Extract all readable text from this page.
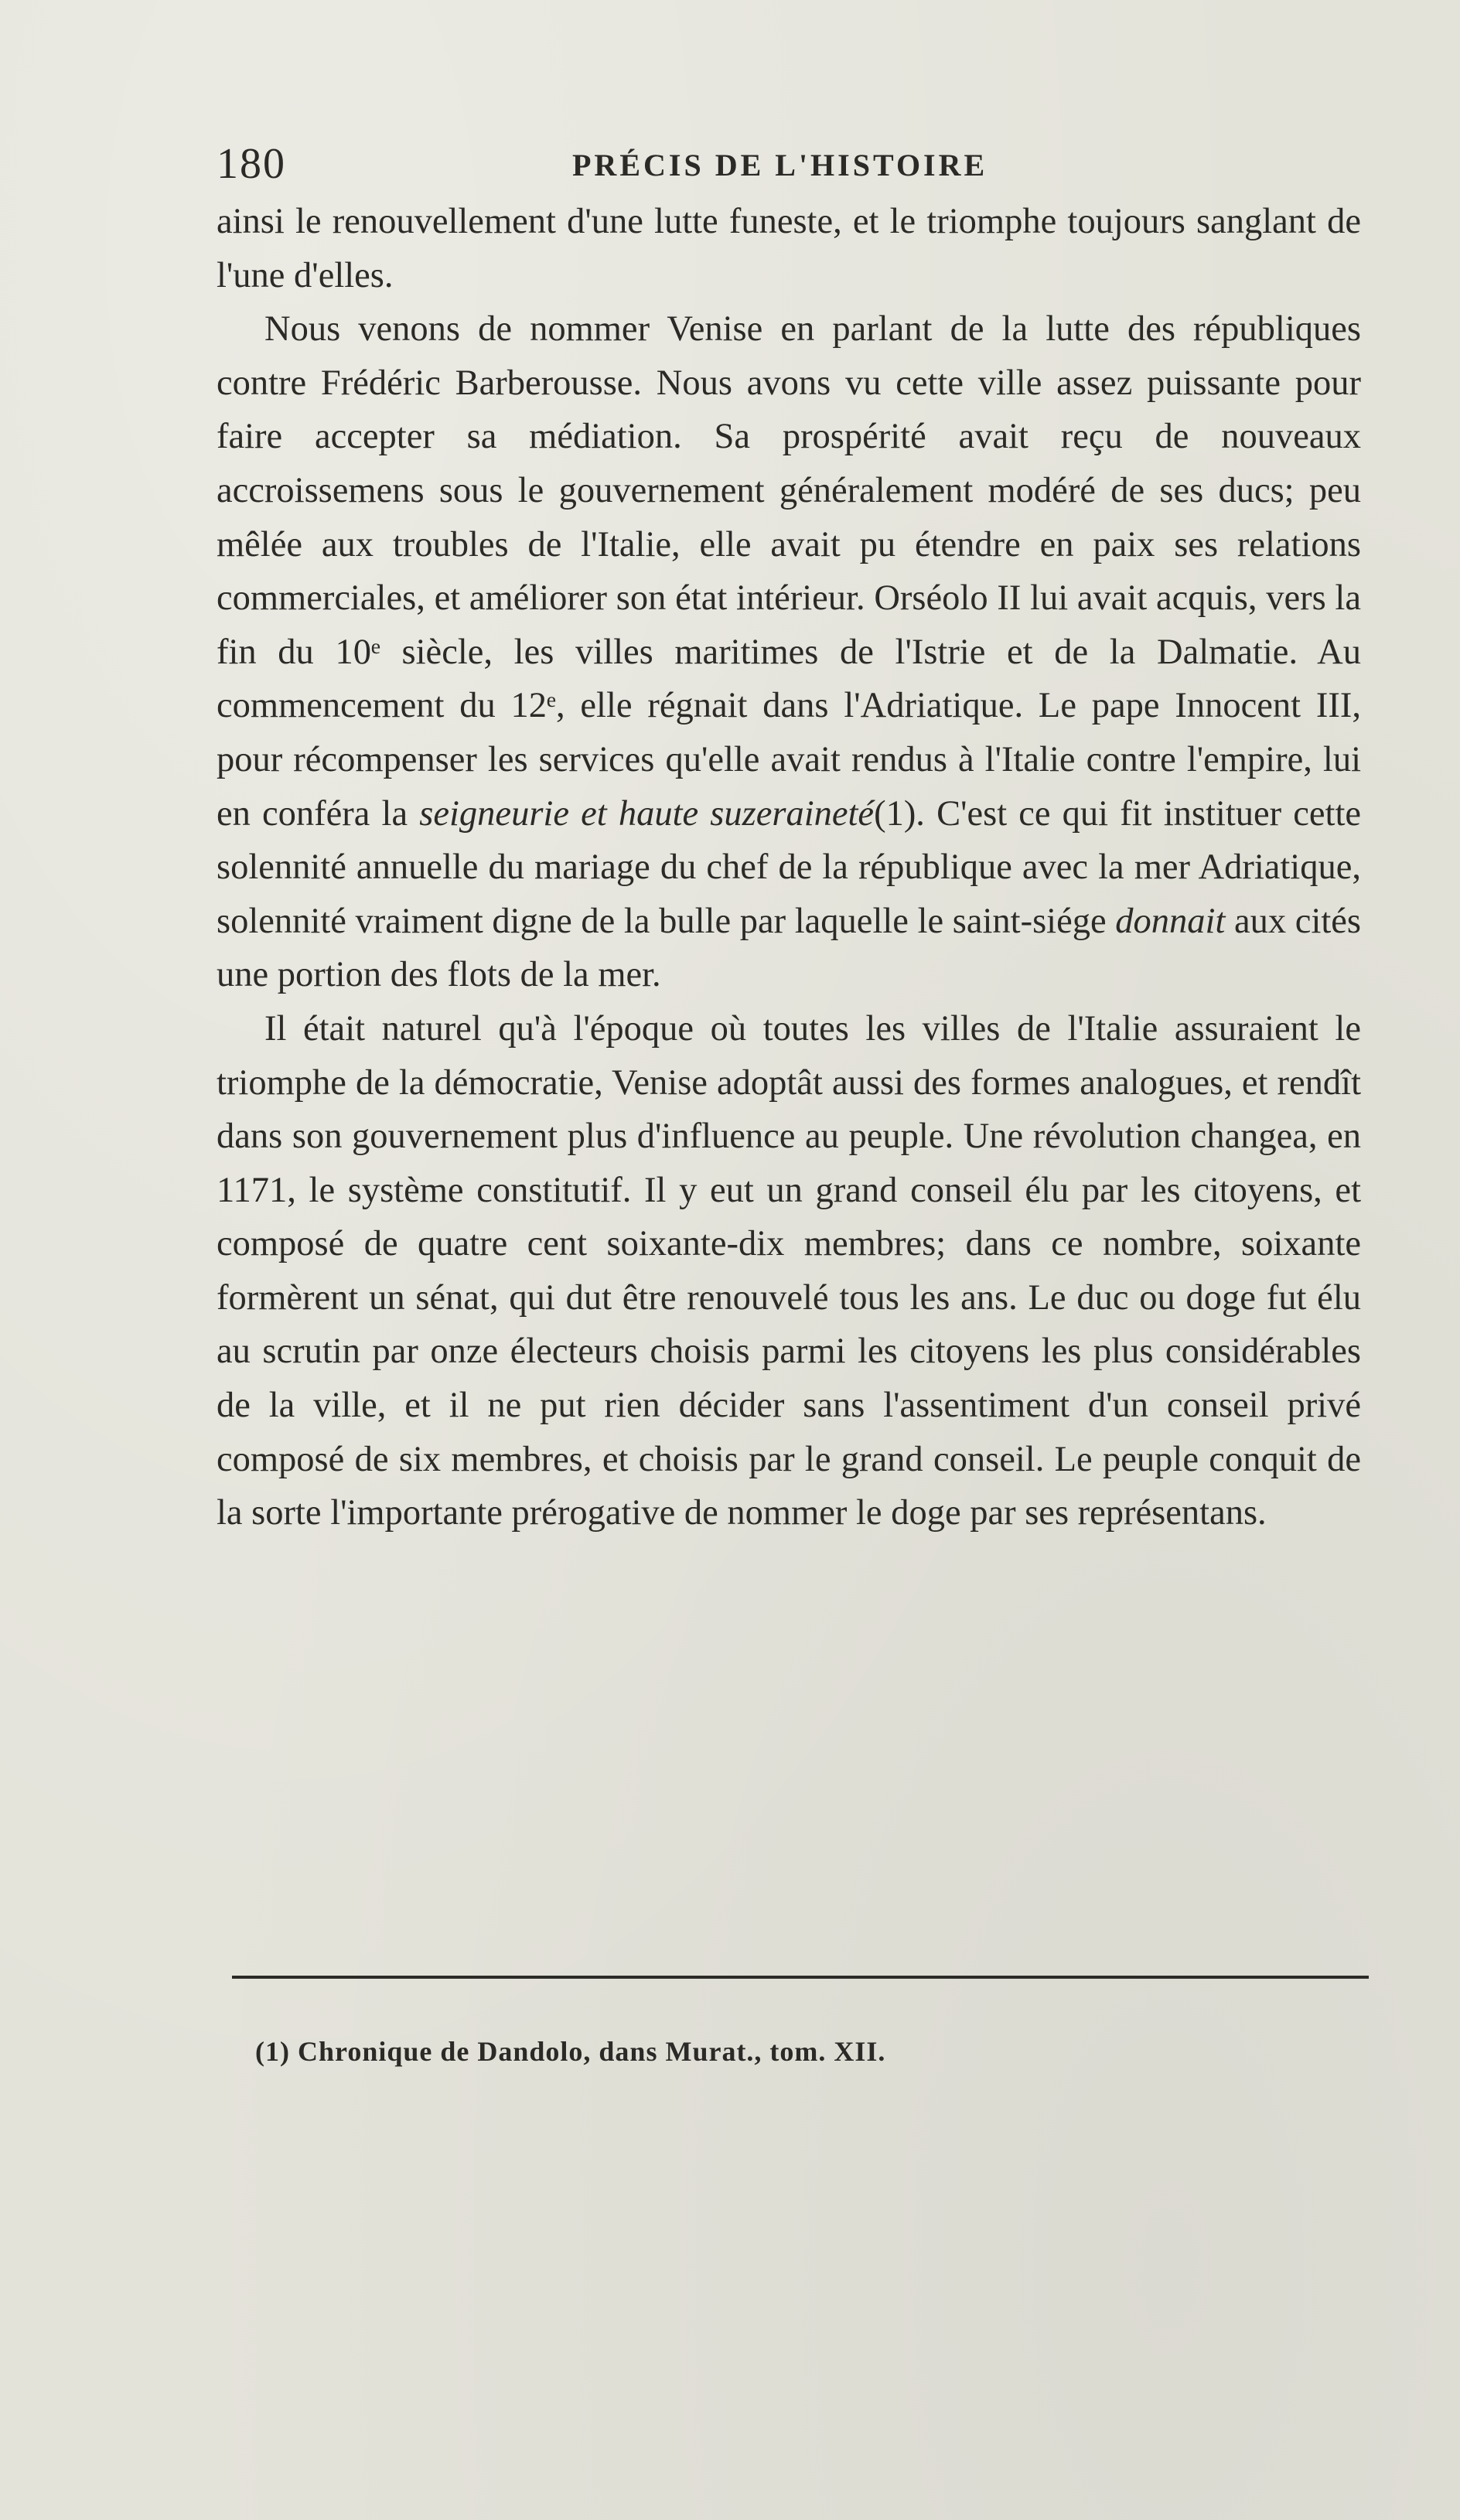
180	PRÉCIS DE L'HISTOIRE

ainsi le renouvellement d'une lutte funeste, et le triomphe toujours sanglant de l'une d'elles.

Nous venons de nommer Venise en parlant de la lutte des républiques contre Frédéric Barberousse. Nous avons vu cette ville assez puissante pour faire accepter sa médiation. Sa prospérité avait reçu de nouveaux accroissemens sous le gouvernement généralement modéré de ses ducs; peu mêlée aux troubles de l'Italie, elle avait pu étendre en paix ses relations commerciales, et améliorer son état intérieur. Orséolo II lui avait acquis, vers la fin du 10ᵉ siècle, les villes maritimes de l'Istrie et de la Dalmatie. Au commencement du 12ᵉ, elle régnait dans l'Adriatique. Le pape Innocent III, pour récompenser les services qu'elle avait rendus à l'Italie contre l'empire, lui en conféra la seigneurie et haute suzeraineté(1). C'est ce qui fit instituer cette solennité annuelle du mariage du chef de la république avec la mer Adriatique, solennité vraiment digne de la bulle par laquelle le saint-siége donnait aux cités une portion des flots de la mer.

Il était naturel qu'à l'époque où toutes les villes de l'Italie assuraient le triomphe de la démocratie, Venise adoptât aussi des formes analogues, et rendît dans son gouvernement plus d'influence au peuple. Une révolution changea, en 1171, le système constitutif. Il y eut un grand conseil élu par les citoyens, et composé de quatre cent soixante-dix membres; dans ce nombre, soixante formèrent un sénat, qui dut être renouvelé tous les ans. Le duc ou doge fut élu au scrutin par onze électeurs choisis parmi les citoyens les plus considérables de la ville, et il ne put rien décider sans l'assentiment d'un conseil privé composé de six membres, et choisis par le grand conseil. Le peuple conquit de la sorte l'importante prérogative de nommer le doge par ses représentans.

(1) Chronique de Dandolo, dans Murat., tom. XII.
